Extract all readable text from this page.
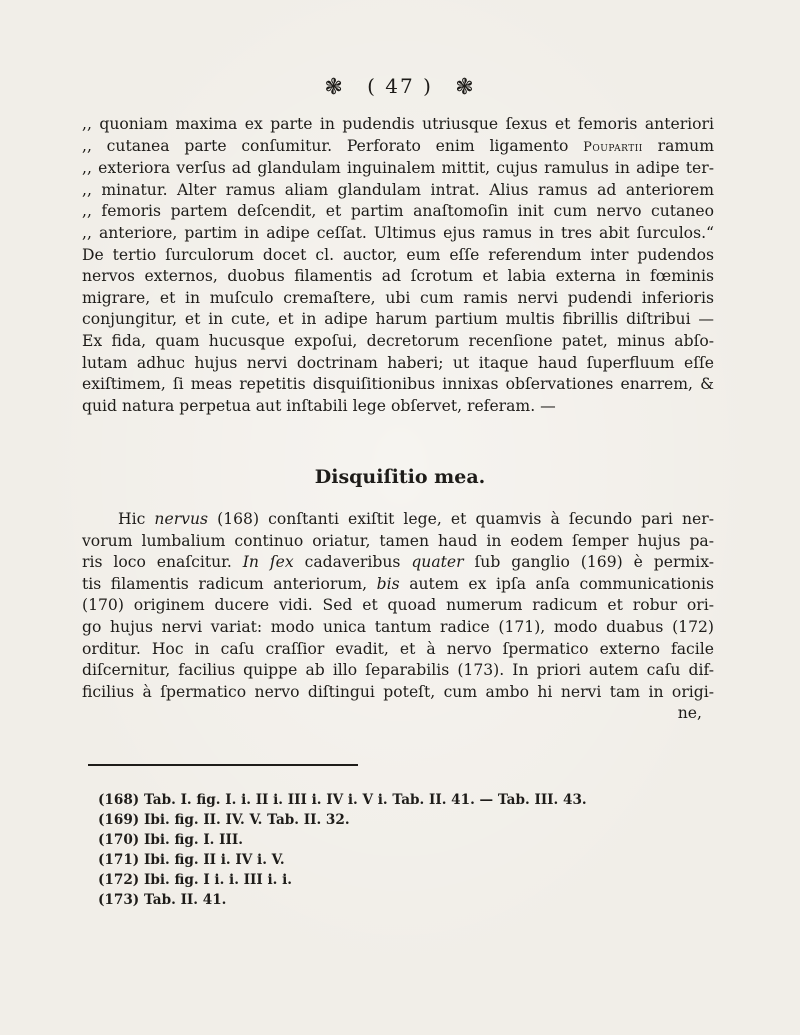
❃ ( 47 ) ❃
,, quoniam maxima ex parte in pudendis utriusque ſexus et femoris anteriori
,, cutanea parte conſumitur. Perforato enim ligamento Poupartii ramum
,, exteriora verſus ad glandulam inguinalem mittit, cujus ramulus in adipe ter-
,, minatur. Alter ramus aliam glandulam intrat. Alius ramus ad anteriorem
,, femoris partem deſcendit, et partim anaſtomoſin init cum nervo cutaneo
,, anteriore, partim in adipe ceſſat. Ultimus ejus ramus in tres abit ſurculos.“
De tertio ſurculorum docet cl. auctor, eum eſſe referendum inter pudendos
nervos externos, duobus filamentis ad ſcrotum et labia externa in fœminis
migrare, et in muſculo cremaſtere, ubi cum ramis nervi pudendi inferioris
conjungitur, et in cute, et in adipe harum partium multis fibrillis diſtribui —
Ex fida, quam hucusque expoſui, decretorum recenſione patet, minus abſo-
lutam adhuc hujus nervi doctrinam haberi; ut itaque haud ſuperfluum eſſe
exiſtimem, ſi meas repetitis disquiſitionibus innixas obſervationes enarrem, &
quid natura perpetua aut inſtabili lege obſervet, referam. —
Disquiſitio mea.
Hic nervus (168) conſtanti exiſtit lege, et quamvis à ſecundo pari ner-
vorum lumbalium continuo oriatur, tamen haud in eodem ſemper hujus pa-
ris loco enaſcitur. In ſex cadaveribus quater ſub ganglio (169) è permix-
tis filamentis radicum anteriorum, bis autem ex ipſa anſa communicationis
(170) originem ducere vidi. Sed et quoad numerum radicum et robur ori-
go hujus nervi variat: modo unica tantum radice (171), modo duabus (172)
orditur. Hoc in caſu craſſior evadit, et à nervo ſpermatico externo facile
diſcernitur, facilius quippe ab illo ſeparabilis (173). In priori autem caſu dif-
ficilius à ſpermatico nervo diſtingui poteſt, cum ambo hi nervi tam in origi-
ne,
(168) Tab. I. fig. I. i. II i. III i. IV i. V i. Tab. II. 41. — Tab. III. 43.
(169) Ibi. fig. II. IV. V. Tab. II. 32.
(170) Ibi. fig. I. III.
(171) Ibi. fig. II i. IV i. V.
(172) Ibi. fig. I i. i. III i. i.
(173) Tab. II. 41.
